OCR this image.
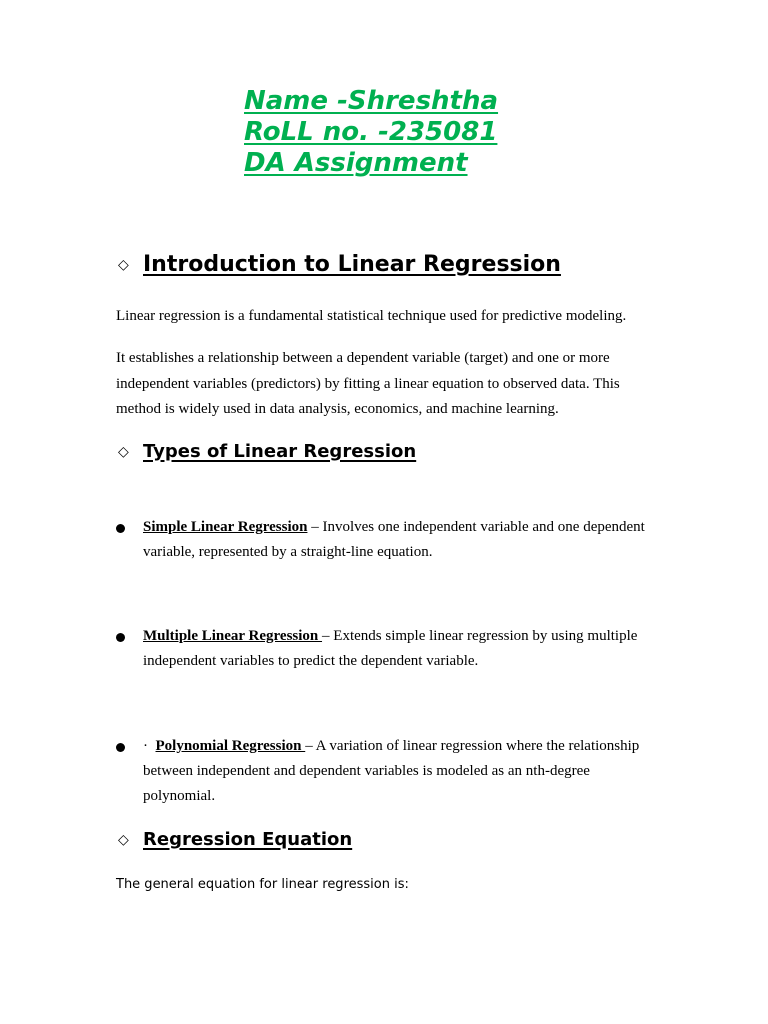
Name -Shreshtha
RoLL no. -235081
DA Assignment
◇ Introduction to Linear Regression
Linear regression is a fundamental statistical technique used for predictive modeling.
It establishes a relationship between a dependent variable (target) and one or more independent variables (predictors) by fitting a linear equation to observed data. This method is widely used in data analysis, economics, and machine learning.
◇ Types of Linear Regression
Simple Linear Regression – Involves one independent variable and one dependent variable, represented by a straight-line equation.
Multiple Linear Regression – Extends simple linear regression by using multiple independent variables to predict the dependent variable.
·  Polynomial Regression – A variation of linear regression where the relationship between independent and dependent variables is modeled as an nth-degree polynomial.
◇ Regression Equation
The general equation for linear regression is:
